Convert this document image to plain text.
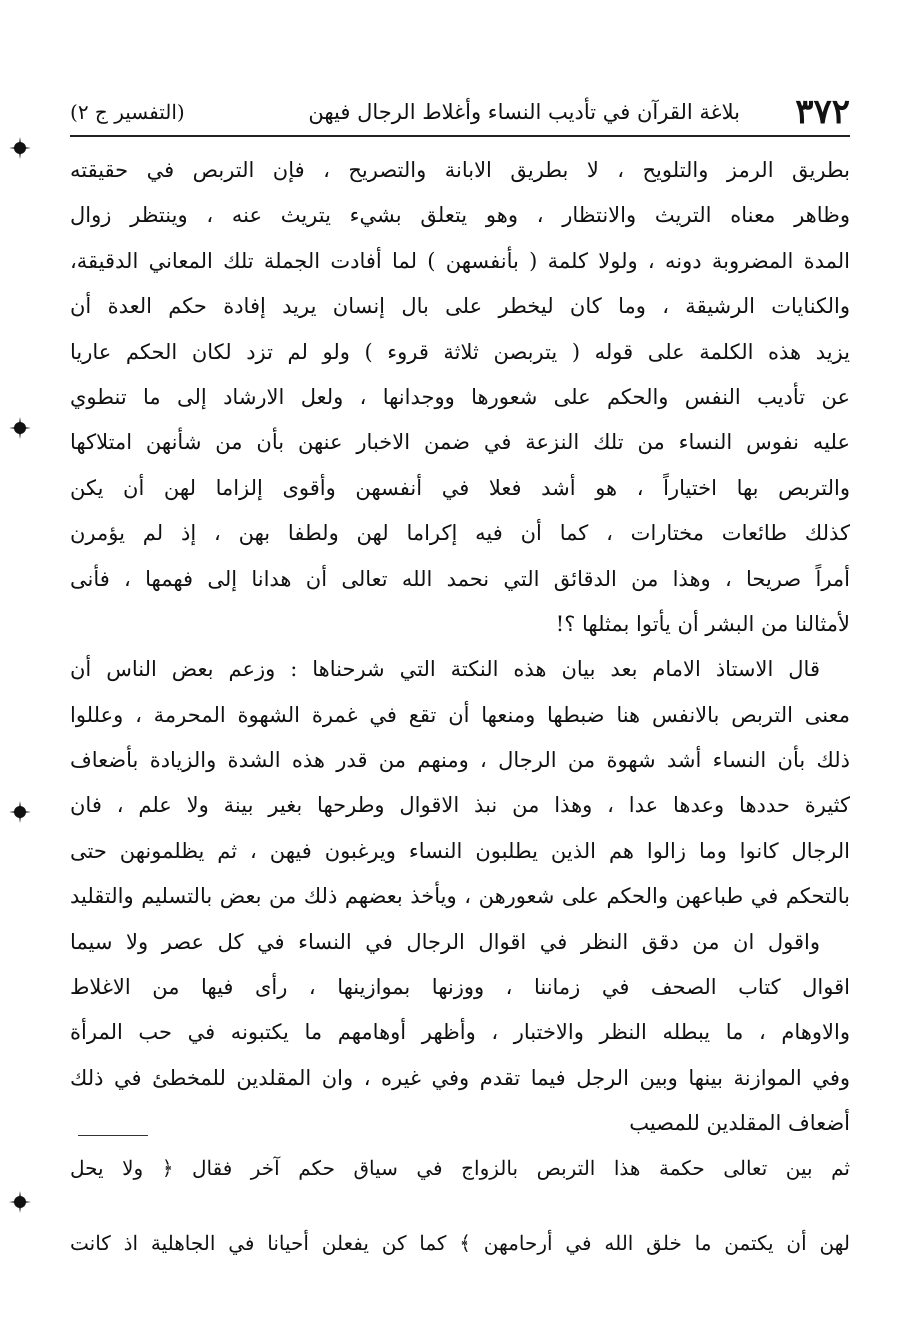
٣٧٢
بلاغة القرآن في تأديب النساء وأغلاط الرجال فيهن
(التفسير ج ٢)
بطريق الرمز والتلويح ، لا بطريق الابانة والتصريح ، فإن التربص في حقيقته
وظاهر معناه التريث والانتظار ، وهو يتعلق بشيء يتريث عنه ، وينتظر زوال
المدة المضروبة دونه ، ولولا كلمة ( بأنفسهن ) لما أفادت الجملة تلك المعاني الدقيقة،
والكنايات الرشيقة ، وما كان ليخطر على بال إنسان يريد إفادة حكم العدة أن
يزيد هذه الكلمة على قوله ( يتربصن ثلاثة قروء ) ولو لم تزد لكان الحكم عاريا
عن تأديب النفس والحكم على شعورها ووجدانها ، ولعل الارشاد إلى ما تنطوي
عليه نفوس النساء من تلك النزعة في ضمن الاخبار عنهن بأن من شأنهن امتلاكها
والتربص بها اختياراً ، هو أشد فعلا في أنفسهن وأقوى إلزاما لهن أن يكن
كذلك طائعات مختارات ، كما أن فيه إكراما لهن ولطفا بهن ، إذ لم يؤمرن
أمراً صريحا ، وهذا من الدقائق التي نحمد الله تعالى أن هدانا إلى فهمها ، فأنى
لأمثالنا من البشر أن يأتوا بمثلها ؟!
قال الاستاذ الامام بعد بيان هذه النكتة التي شرحناها : وزعم بعض الناس أن
معنى التربص بالانفس هنا ضبطها ومنعها أن تقع في غمرة الشهوة المحرمة ، وعللوا
ذلك بأن النساء أشد شهوة من الرجال ، ومنهم من قدر هذه الشدة والزيادة بأضعاف
كثيرة حددها وعدها عدا ، وهذا من نبذ الاقوال وطرحها بغير بينة ولا علم ، فان
الرجال كانوا وما زالوا هم الذين يطلبون النساء ويرغبون فيهن ، ثم يظلمونهن حتى
بالتحكم في طباعهن والحكم على شعورهن ، ويأخذ بعضهم ذلك من بعض بالتسليم والتقليد
واقول ان من دقق النظر في اقوال الرجال في النساء في كل عصر ولا سيما
اقوال كتاب الصحف في زماننا ، ووزنها بموازينها ، رأى فيها من الاغلاط
والاوهام ، ما يبطله النظر والاختبار ، وأظهر أوهامهم ما يكتبونه في حب المرأة
وفي الموازنة بينها وبين الرجل فيما تقدم وفي غيره ، وان المقلدين للمخطئ في ذلك
أضعاف المقلدين للمصيب
ثم بين تعالى حكمة هذا التربص بالزواج في سياق حكم آخر فقال ﴿ ولا يحل
لهن أن يكتمن ما خلق الله في أرحامهن ﴾ كما كن يفعلن أحيانا في الجاهلية اذ كانت
